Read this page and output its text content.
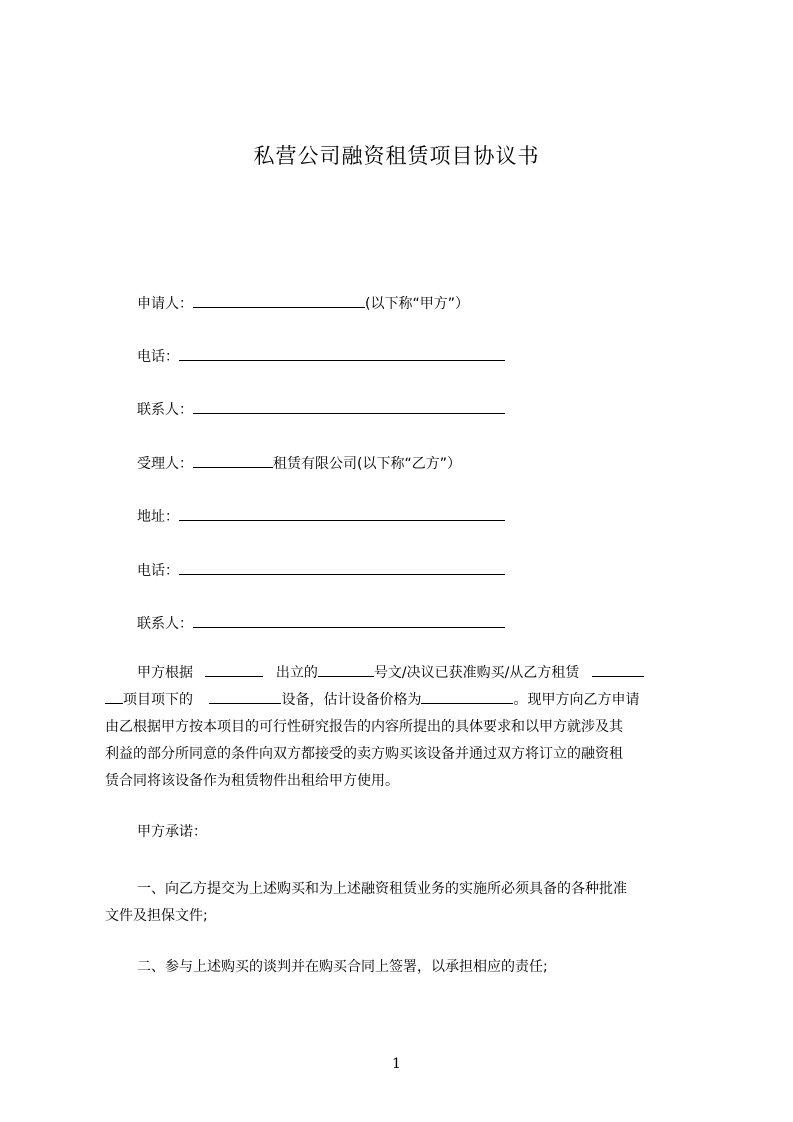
私营公司融资租赁项目协议书
申请人：	(以下称“甲方”）
电话：
联系人：
受理人：	租赁有限公司(以下称“乙方”）
地址：
电话：
联系人：
甲方根据	出立的	号文/决议已获准购买/从乙方租赁
项目项下的	设备，估计设备价格为	。现甲方向乙方申请
由乙根据甲方按本项目的可行性研究报告的内容所提出的具体要求和以甲方就涉及其
利益的部分所同意的条件向双方都接受的卖方购买该设备并通过双方将订立的融资租
赁合同将该设备作为租赁物件出租给甲方使用。
甲方承诺：
一、向乙方提交为上述购买和为上述融资租赁业务的实施所必须具备的各种批准
文件及担保文件;
二、参与上述购买的谈判并在购买合同上签署，以承担相应的责任;
1
